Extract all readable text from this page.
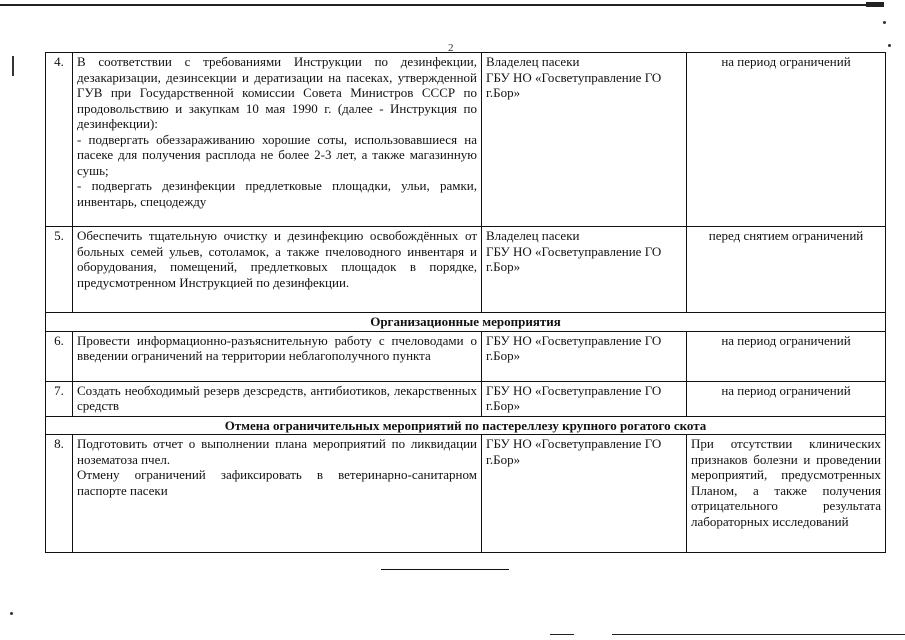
2
4.	В соответствии с требованиями Инструкции по дезинфекции, дезакаризации, дезинсекции и дератизации на пасеках, утвержденной ГУВ при Государственной комиссии Совета Министров СССР по продовольствию и закупкам 10 мая 1990 г. (далее - Инструкция по дезинфекции):
- подвергать обеззараживанию хорошие соты, использовавшиеся на пасеке для получения расплода не более 2-3 лет, а также магазинную сушь;
- подвергать дезинфекции предлетковые площадки, ульи, рамки, инвентарь, спецодежду	Владелец пасеки
ГБУ НО «Госветуправление ГО г.Бор»	на период ограничений
5.	Обеспечить тщательную очистку и дезинфекцию освобождённых от больных семей ульев, сотоламок, а также пчеловодного инвентаря и оборудования, помещений, предлетковых площадок в порядке, предусмотренном Инструкцией по дезинфекции.	Владелец пасеки
ГБУ НО «Госветуправление ГО г.Бор»	перед снятием ограничений
Организационные мероприятия			
6.	Провести информационно-разъяснительную работу с пчеловодами о введении ограничений на территории неблагополучного пункта	ГБУ НО «Госветуправление ГО г.Бор»	на период ограничений
7.	Создать необходимый резерв дезсредств, антибиотиков, лекарственных средств	ГБУ НО «Госветуправление ГО г.Бор»	на период ограничений
Отмена ограничительных мероприятий по пастереллезу крупного рогатого скота			
8.	Подготовить отчет о выполнении плана мероприятий по ликвидации нозематоза пчел.
Отмену ограничений зафиксировать в ветеринарно-санитарном паспорте пасеки	ГБУ НО «Госветуправление ГО г.Бор»	При отсутствии клинических признаков болезни и проведении мероприятий, предусмотренных Планом, а также получения отрицательного результата лабораторных исследований
